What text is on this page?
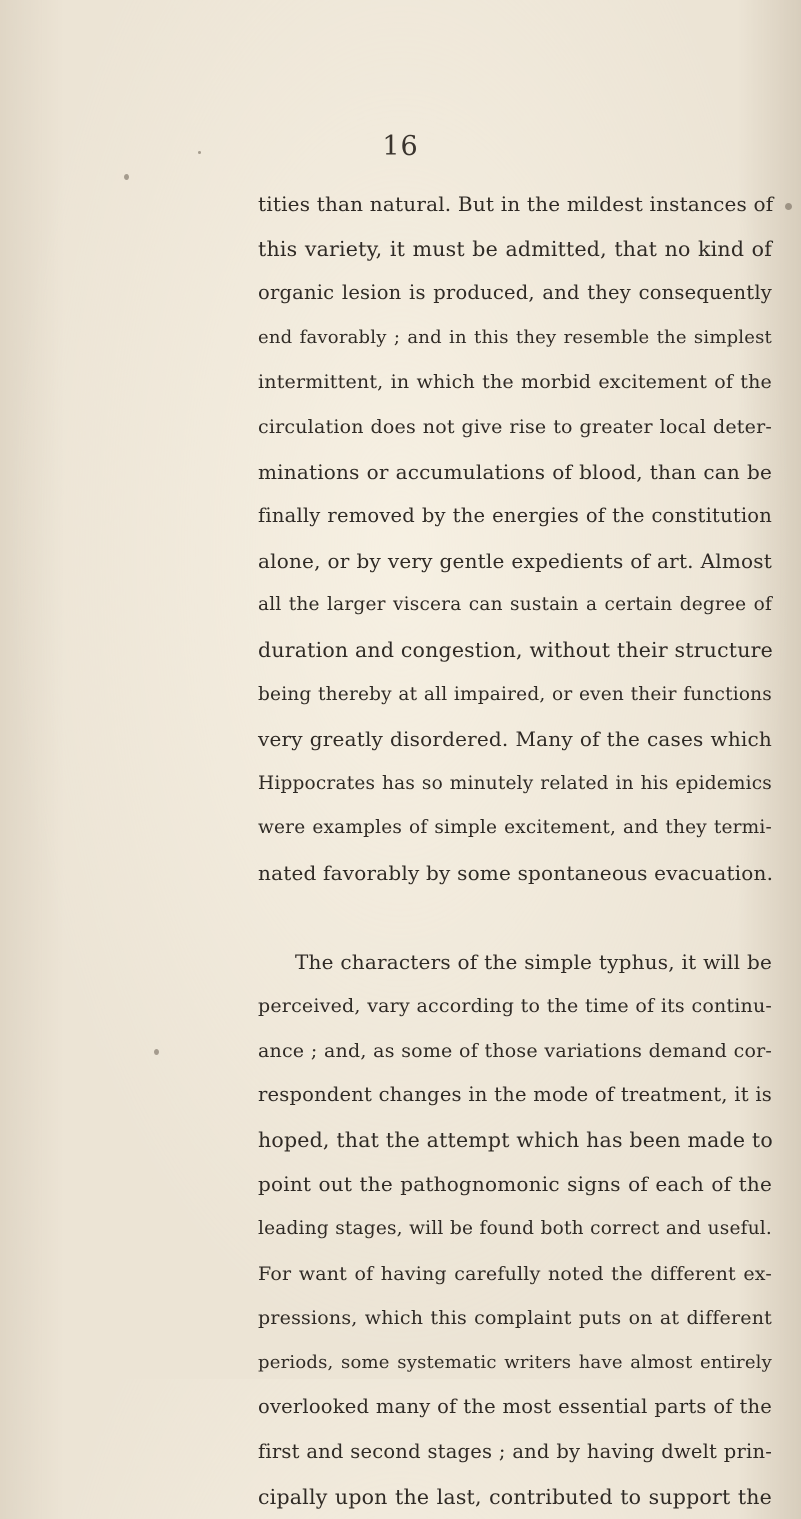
16
tities than natural. But in the mildest instances of
this variety, it must be admitted, that no kind of
organic lesion is produced, and they consequently
end favorably ; and in this they resemble the simplest
intermittent, in which the morbid excitement of the
circulation does not give rise to greater local deter-
minations or accumulations of blood, than can be
finally removed by the energies of the constitution
alone, or by very gentle expedients of art. Almost
all the larger viscera can sustain a certain degree of
duration and congestion, without their structure
being thereby at all impaired, or even their functions
very greatly disordered. Many of the cases which
Hippocrates has so minutely related in his epidemics
were examples of simple excitement, and they termi-
nated favorably by some spontaneous evacuation.
The characters of the simple typhus, it will be
perceived, vary according to the time of its continu-
ance ; and, as some of those variations demand cor-
respondent changes in the mode of treatment, it is
hoped, that the attempt which has been made to
point out the pathognomonic signs of each of the
leading stages, will be found both correct and useful.
For want of having carefully noted the different ex-
pressions, which this complaint puts on at different
periods, some systematic writers have almost entirely
overlooked many of the most essential parts of the
first and second stages ; and by having dwelt prin-
cipally upon the last, contributed to support the
